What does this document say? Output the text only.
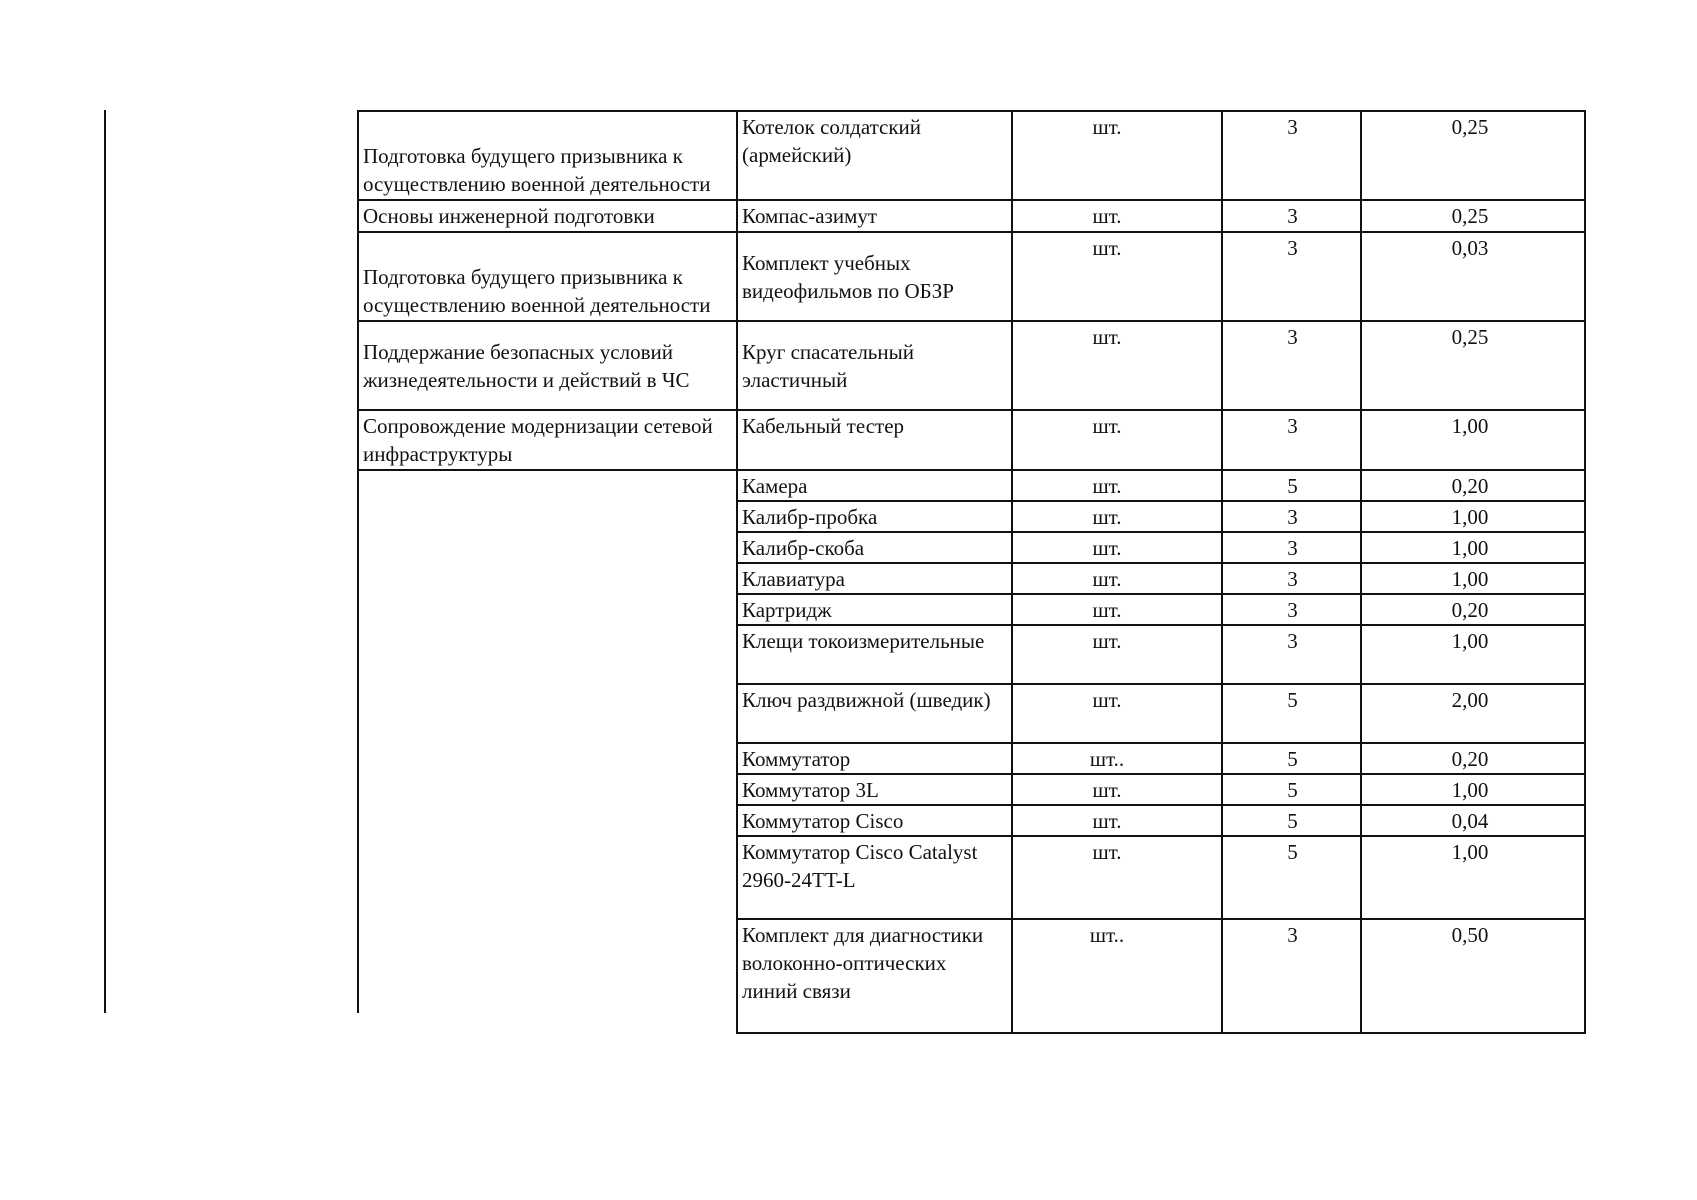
Подготовка будущего призывника к осуществлению военной деятельности	Котелок солдатский (армейский)	шт.	3	0,25
Основы инженерной подготовки	Компас-азимут	шт.	3	0,25
Подготовка будущего призывника к осуществлению военной деятельности	Комплект учебных видеофильмов по ОБЗР	шт.	3	0,03
Поддержание безопасных условий жизнедеятельности и действий в ЧС	Круг спасательный эластичный	шт.	3	0,25
Сопровождение модернизации сетевой инфраструктуры	Кабельный тестер	шт.	3	1,00
	Камера	шт.	5	0,20
	Калибр-пробка	шт.	3	1,00
	Калибр-скоба	шт.	3	1,00
	Клавиатура	шт.	3	1,00
	Картридж	шт.	3	0,20
	Клещи токоизмерительные	шт.	3	1,00
	Ключ раздвижной (шведик)	шт.	5	2,00
	Коммутатор	шт..	5	0,20
	Коммутатор 3L	шт.	5	1,00
	Коммутатор Cisco	шт.	5	0,04
	Коммутатор Cisco Catalyst 2960-24TT-L	шт.	5	1,00
	Комплект для диагностики волоконно-оптических линий связи	шт..	3	0,50
